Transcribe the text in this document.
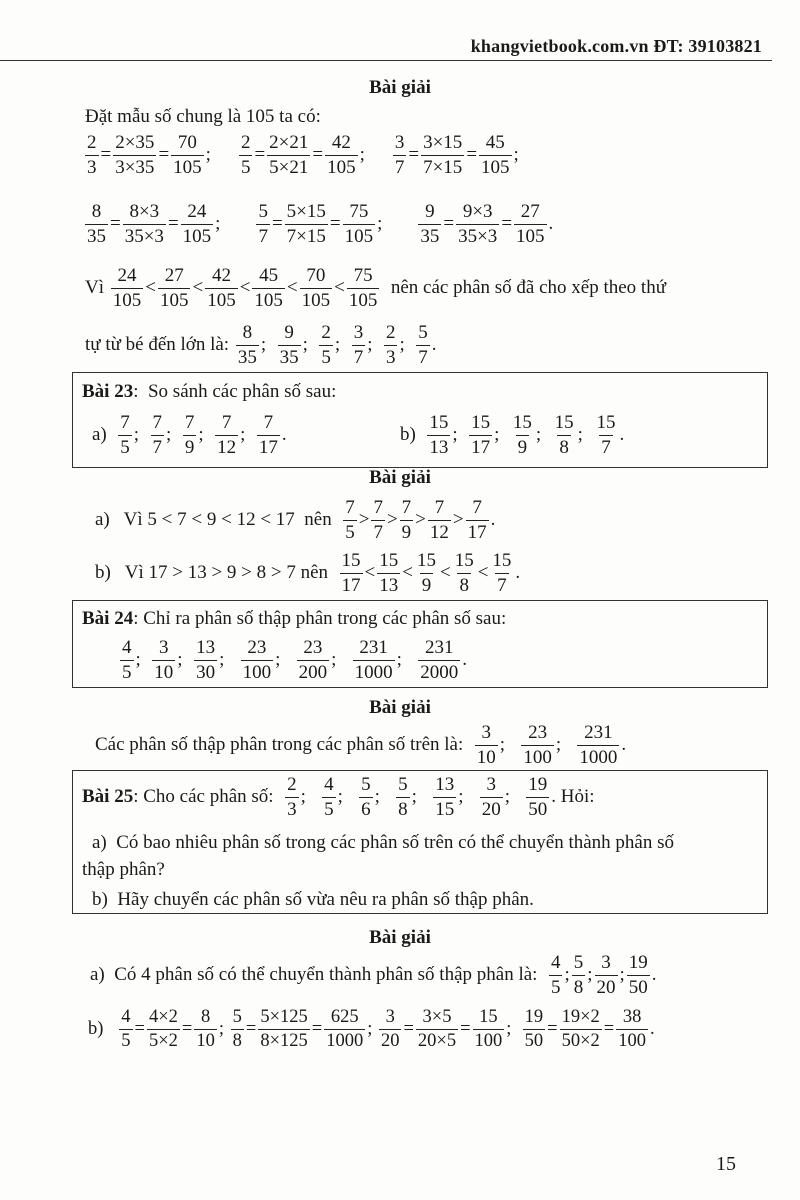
khangvietbook.com.vn ĐT: 39103821
Bài giải
Đặt mẫu số chung là 105 ta có:
$\frac{2}{3} = \frac{2\times 35}{3\times 35} = \frac{70}{105}$ ; $\frac{2}{5} = \frac{2\times 21}{5\times 21} = \frac{42}{105}$ ; $\frac{3}{7} = \frac{3\times 15}{7\times 15} = \frac{45}{105}$ ;
$\frac{8}{35} = \frac{8\times 3}{35\times 3} = \frac{24}{105}$ ; $\frac{5}{7} = \frac{5\times 15}{7\times 15} = \frac{75}{105}$ ; $\frac{9}{35} = \frac{9\times 3}{35\times 3} = \frac{27}{105}$ .
Vì $\frac{24}{105} < \frac{27}{105} < \frac{42}{105} < \frac{45}{105} < \frac{70}{105} < \frac{75}{105}$ nên các phân số đã cho xếp theo thứ
tự từ bé đến lớn là: $\frac{8}{35}$ ; $\frac{9}{35}$ ; $\frac{2}{5}$ ; $\frac{3}{7}$ ; $\frac{2}{3}$ ; $\frac{5}{7}$ .
Bài 23 :  So sánh các phân số sau:
$a) \frac{7}{5}$ ; $\frac{7}{7}$ ; $\frac{7}{9}$ ; $\frac{7}{12}$ ; $\frac{7}{17}$ .	$b) \frac{15}{13}$ ; $\frac{15}{17}$ ; $\frac{15}{9}$ ; $\frac{15}{8}$ ; $\frac{15}{7}$ .
Bài giải
a)   Vì 5 < 7 < 9 < 12 < 17  nên $\frac{7}{5} > \frac{7}{7} > \frac{7}{9} > \frac{7}{12} > \frac{7}{17}$ .
b)   Vì 17 > 13 > 9 > 8 > 7 nên $\frac{15}{17} < \frac{15}{13} < \frac{15}{9} < \frac{15}{8} < \frac{15}{7}$ .
Bài 24 : Chỉ ra phân số thập phân trong các phân số sau:
$\frac{4}{5}$ ; $\frac{3}{10}$ ; $\frac{13}{30}$ ; $\frac{23}{100}$ ; $\frac{23}{200}$ ; $\frac{231}{1000}$ ; $\frac{231}{2000}$ .
Bài giải
Các phân số thập phân trong các phân số trên là: $\frac{3}{10}$ ; $\frac{23}{100}$ ; $\frac{231}{1000}$ .
Bài 25 : Cho các phân số: $\frac{2}{3}$ ; $\frac{4}{5}$ ; $\frac{5}{6}$ ; $\frac{5}{8}$ ; $\frac{13}{15}$ ; $\frac{3}{20}$ ; $\frac{19}{50}$ . Hỏi:
a)  Có bao nhiêu phân số trong các phân số trên có thể chuyển thành phân số
thập phân?
b)  Hãy chuyển các phân số vừa nêu ra phân số thập phân.
Bài giải
a)  Có 4 phân số có thể chuyển thành phân số thập phân là: $\frac{4}{5}$ ; $\frac{5}{8}$ ; $\frac{3}{20}$ ; $\frac{19}{50}$ .
$b) \frac{4}{5} = \frac{4\times 2}{5\times 2} = \frac{8}{10}$ ; $\frac{5}{8} = \frac{5\times 125}{8\times 125} = \frac{625}{1000}$ ; $\frac{3}{20} = \frac{3\times 5}{20\times 5} = \frac{15}{100}$ ; $\frac{19}{50} = \frac{19\times 2}{50\times 2} = \frac{38}{100}$ .
15
